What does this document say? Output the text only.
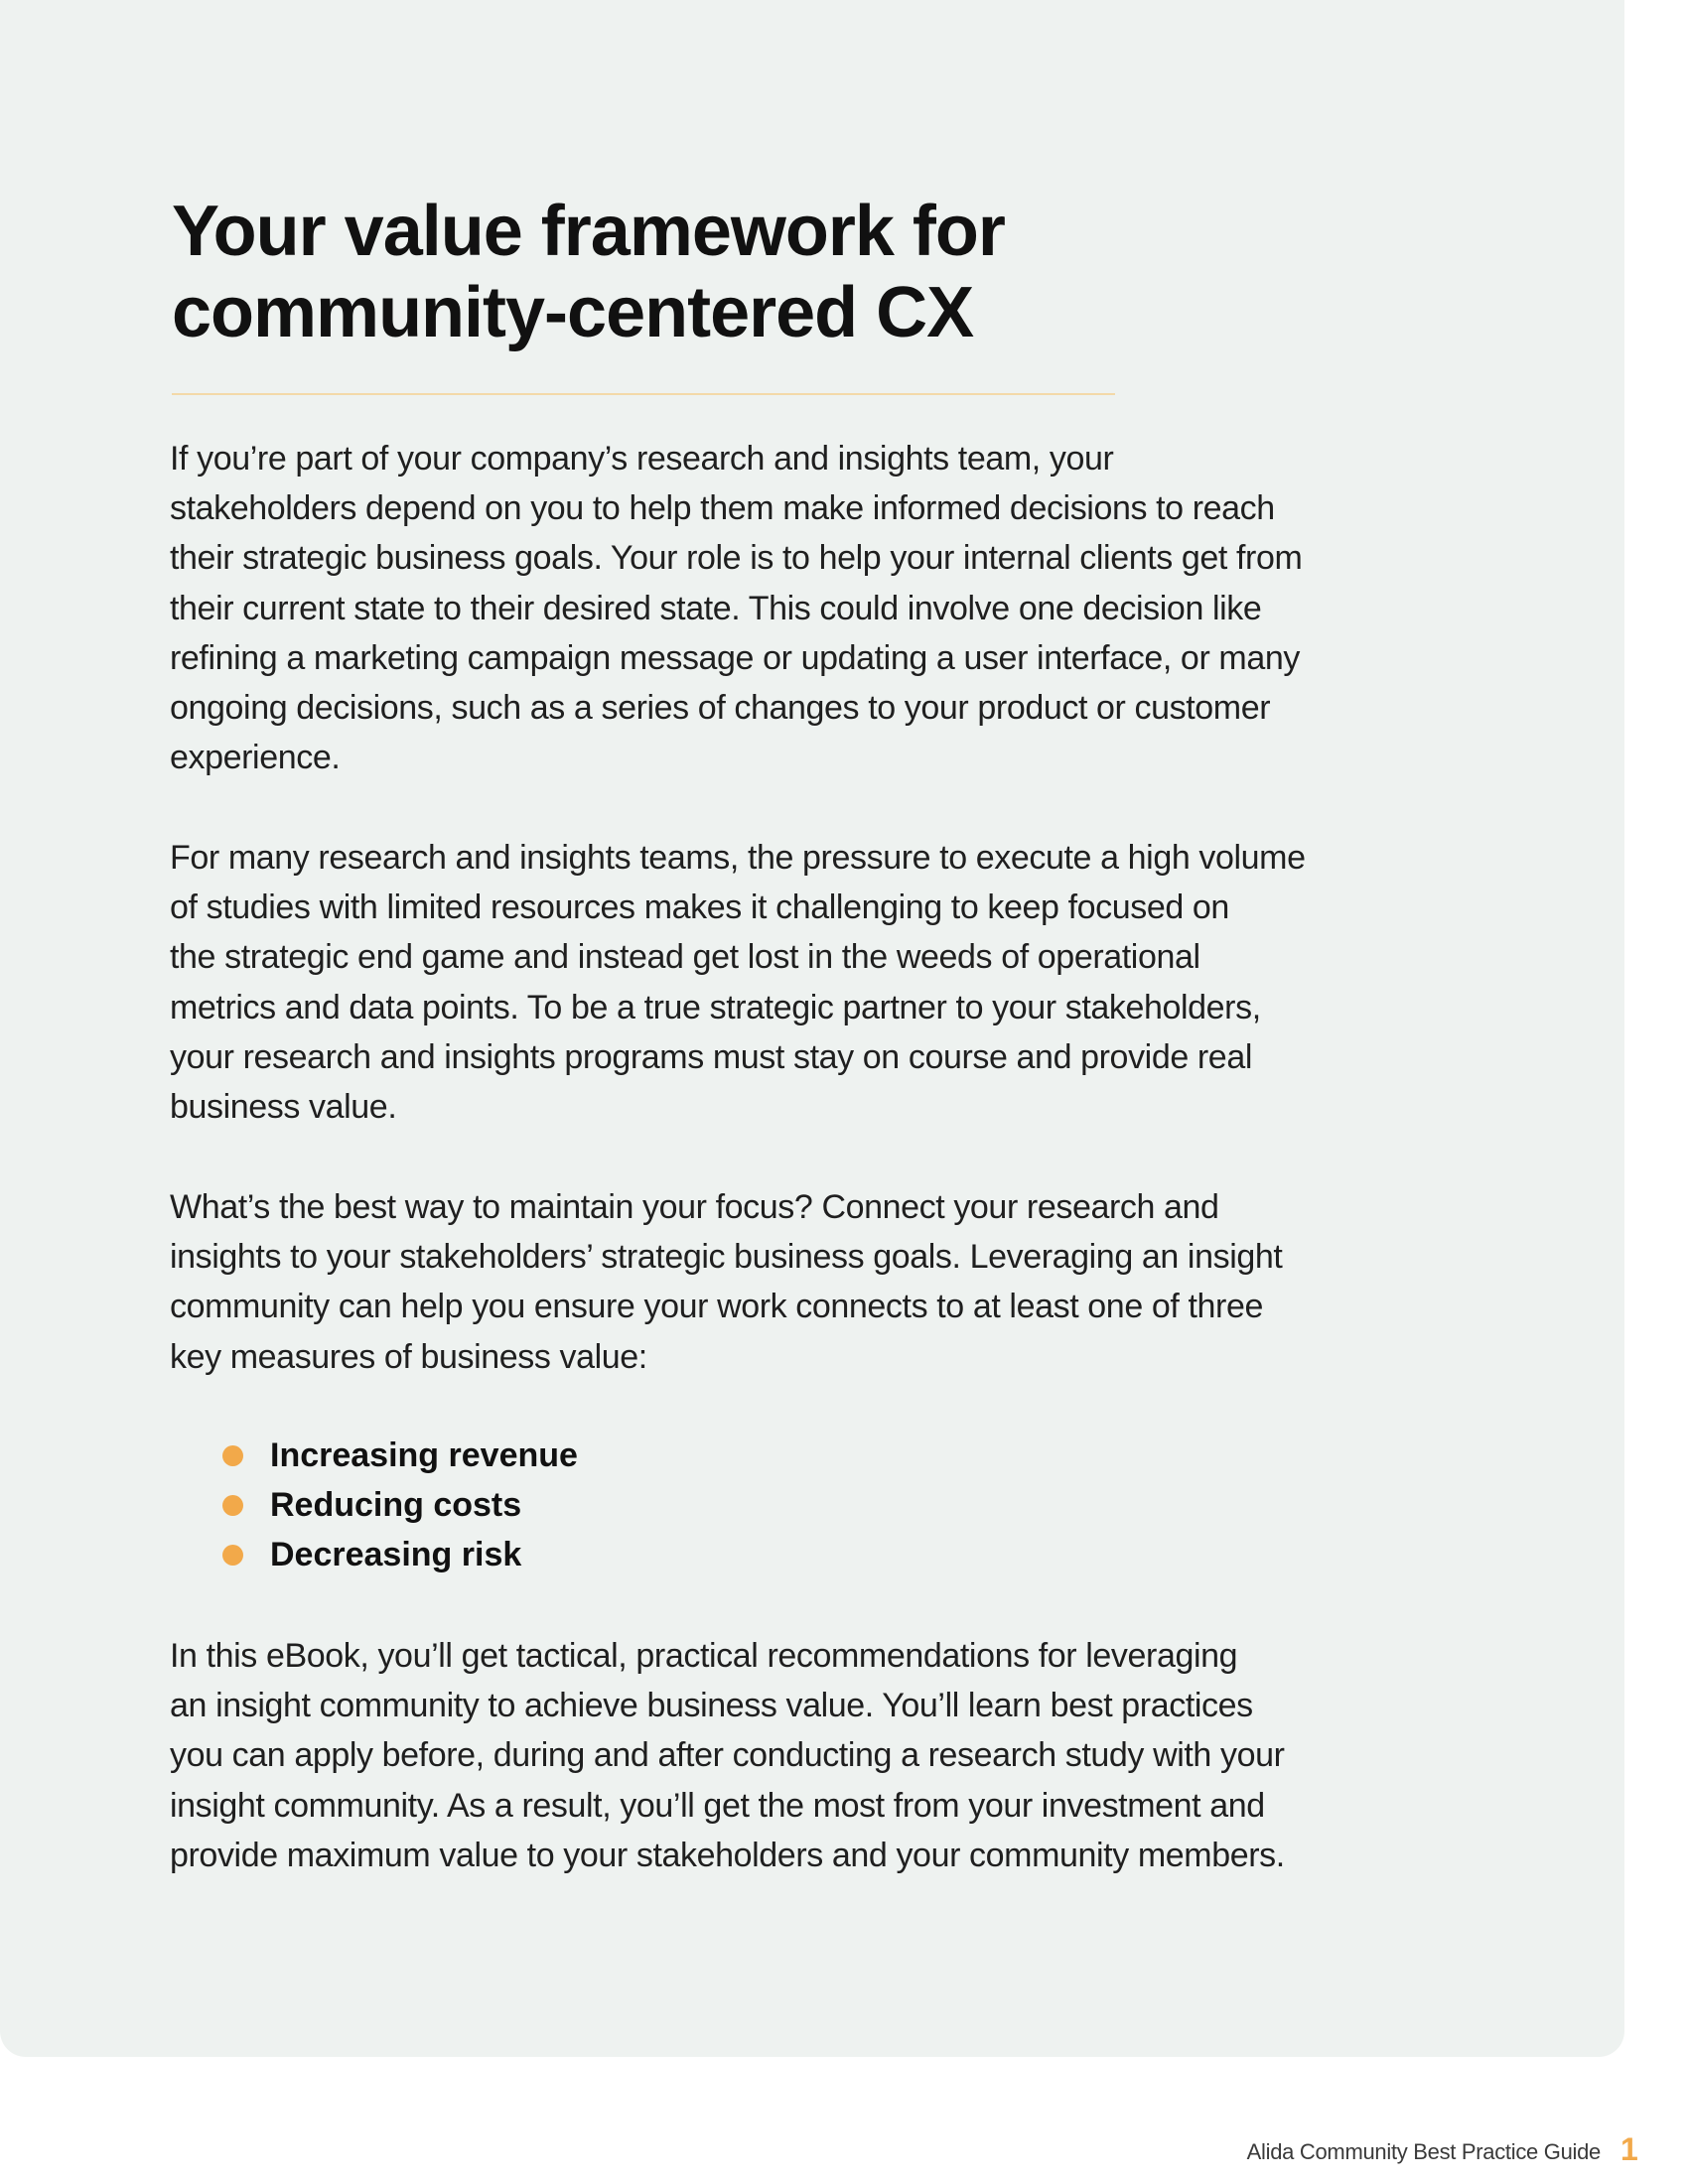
Your value framework for
community-centered CX

If you’re part of your company’s research and insights team, your
stakeholders depend on you to help them make informed decisions to reach
their strategic business goals. Your role is to help your internal clients get from
their current state to their desired state. This could involve one decision like
refining a marketing campaign message or updating a user interface, or many
ongoing decisions, such as a series of changes to your product or customer
experience.

For many research and insights teams, the pressure to execute a high volume
of studies with limited resources makes it challenging to keep focused on
the strategic end game and instead get lost in the weeds of operational
metrics and data points. To be a true strategic partner to your stakeholders,
your research and insights programs must stay on course and provide real
business value.

What’s the best way to maintain your focus? Connect your research and
insights to your stakeholders’ strategic business goals. Leveraging an insight
community can help you ensure your work connects to at least one of three
key measures of business value:

Increasing revenue
Reducing costs
Decreasing risk

In this eBook, you’ll get tactical, practical recommendations for leveraging
an insight community to achieve business value. You’ll learn best practices
you can apply before, during and after conducting a research study with your
insight community. As a result, you’ll get the most from your investment and
provide maximum value to your stakeholders and your community members.

Alida Community Best Practice Guide 1
